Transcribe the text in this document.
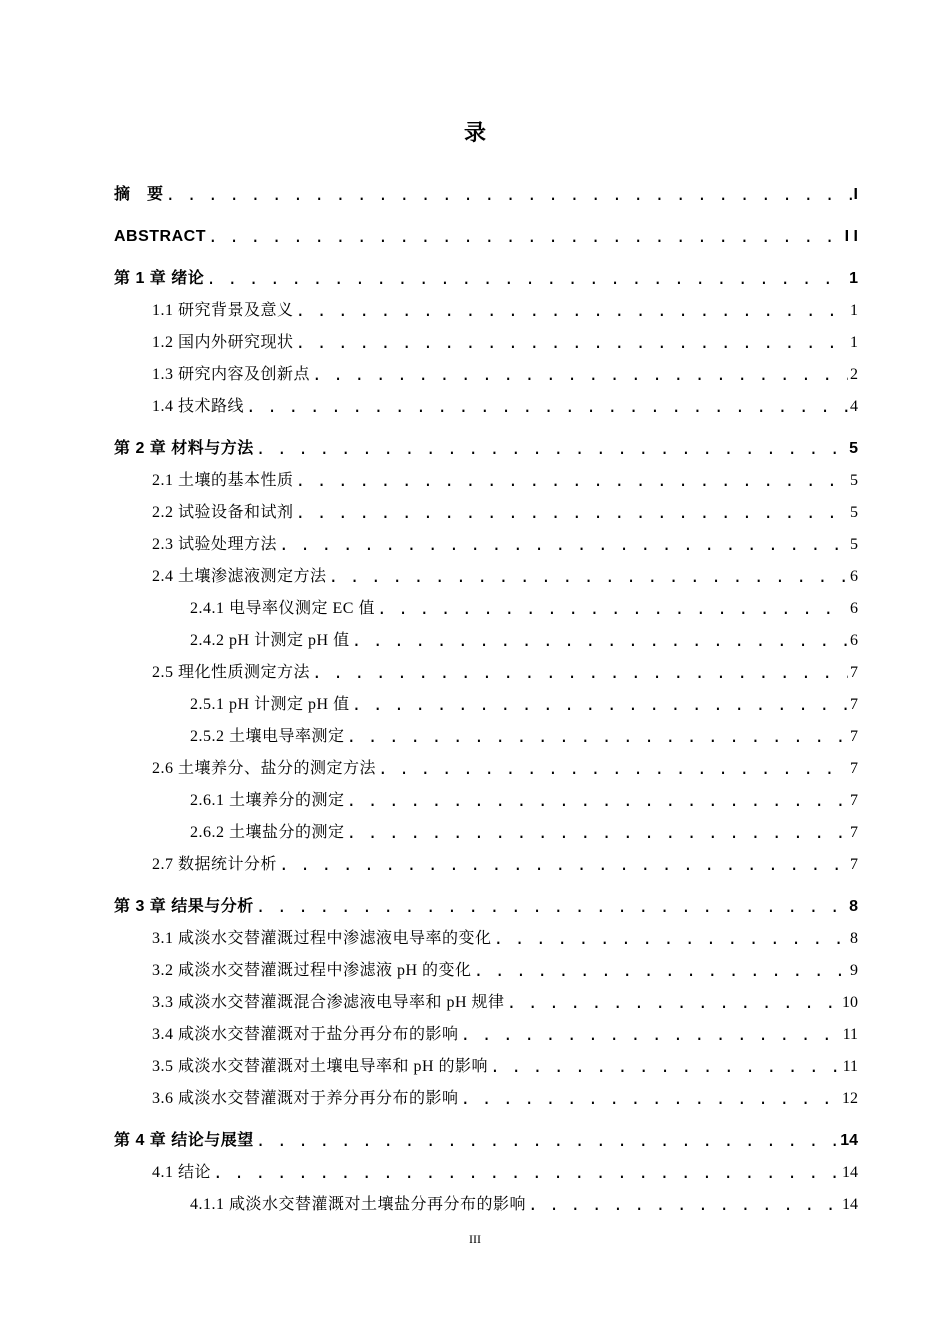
录
摘　要 . . .	I
ABSTRACT . . .	I I
第 1 章 绪论 . . .	1
1.1 研究背景及意义 . . .	1
1.2 国内外研究现状 . . .	1
1.3 研究内容及创新点 . . .	2
1.4 技术路线 . . .	4
第 2 章 材料与方法 . . .	5
2.1 土壤的基本性质 . . .	5
2.2 试验设备和试剂 . . .	5
2.3 试验处理方法 . . .	5
2.4 土壤渗滤液测定方法 . . .	6
2.4.1 电导率仪测定 EC 值 . . .	6
2.4.2 pH 计测定 pH 值 . . .	6
2.5 理化性质测定方法 . . .	7
2.5.1 pH 计测定 pH 值 . . .	7
2.5.2 土壤电导率测定 . . .	7
2.6 土壤养分、盐分的测定方法 . . .	7
2.6.1 土壤养分的测定 . . .	7
2.6.2 土壤盐分的测定 . . .	7
2.7 数据统计分析 . . .	7
第 3 章 结果与分析 . . .	8
3.1 咸淡水交替灌溉过程中渗滤液电导率的变化 . . .	8
3.2 咸淡水交替灌溉过程中渗滤液 pH 的变化 . . .	9
3.3 咸淡水交替灌溉混合渗滤液电导率和 pH 规律 . . .	10
3.4 咸淡水交替灌溉对于盐分再分布的影响 . . .	11
3.5 咸淡水交替灌溉对土壤电导率和 pH 的影响 . . .	11
3.6 咸淡水交替灌溉对于养分再分布的影响 . . .	12
第 4 章 结论与展望 . . .	14
4.1 结论 . . .	14
4.1.1 咸淡水交替灌溉对土壤盐分再分布的影响 . . .	14
III
